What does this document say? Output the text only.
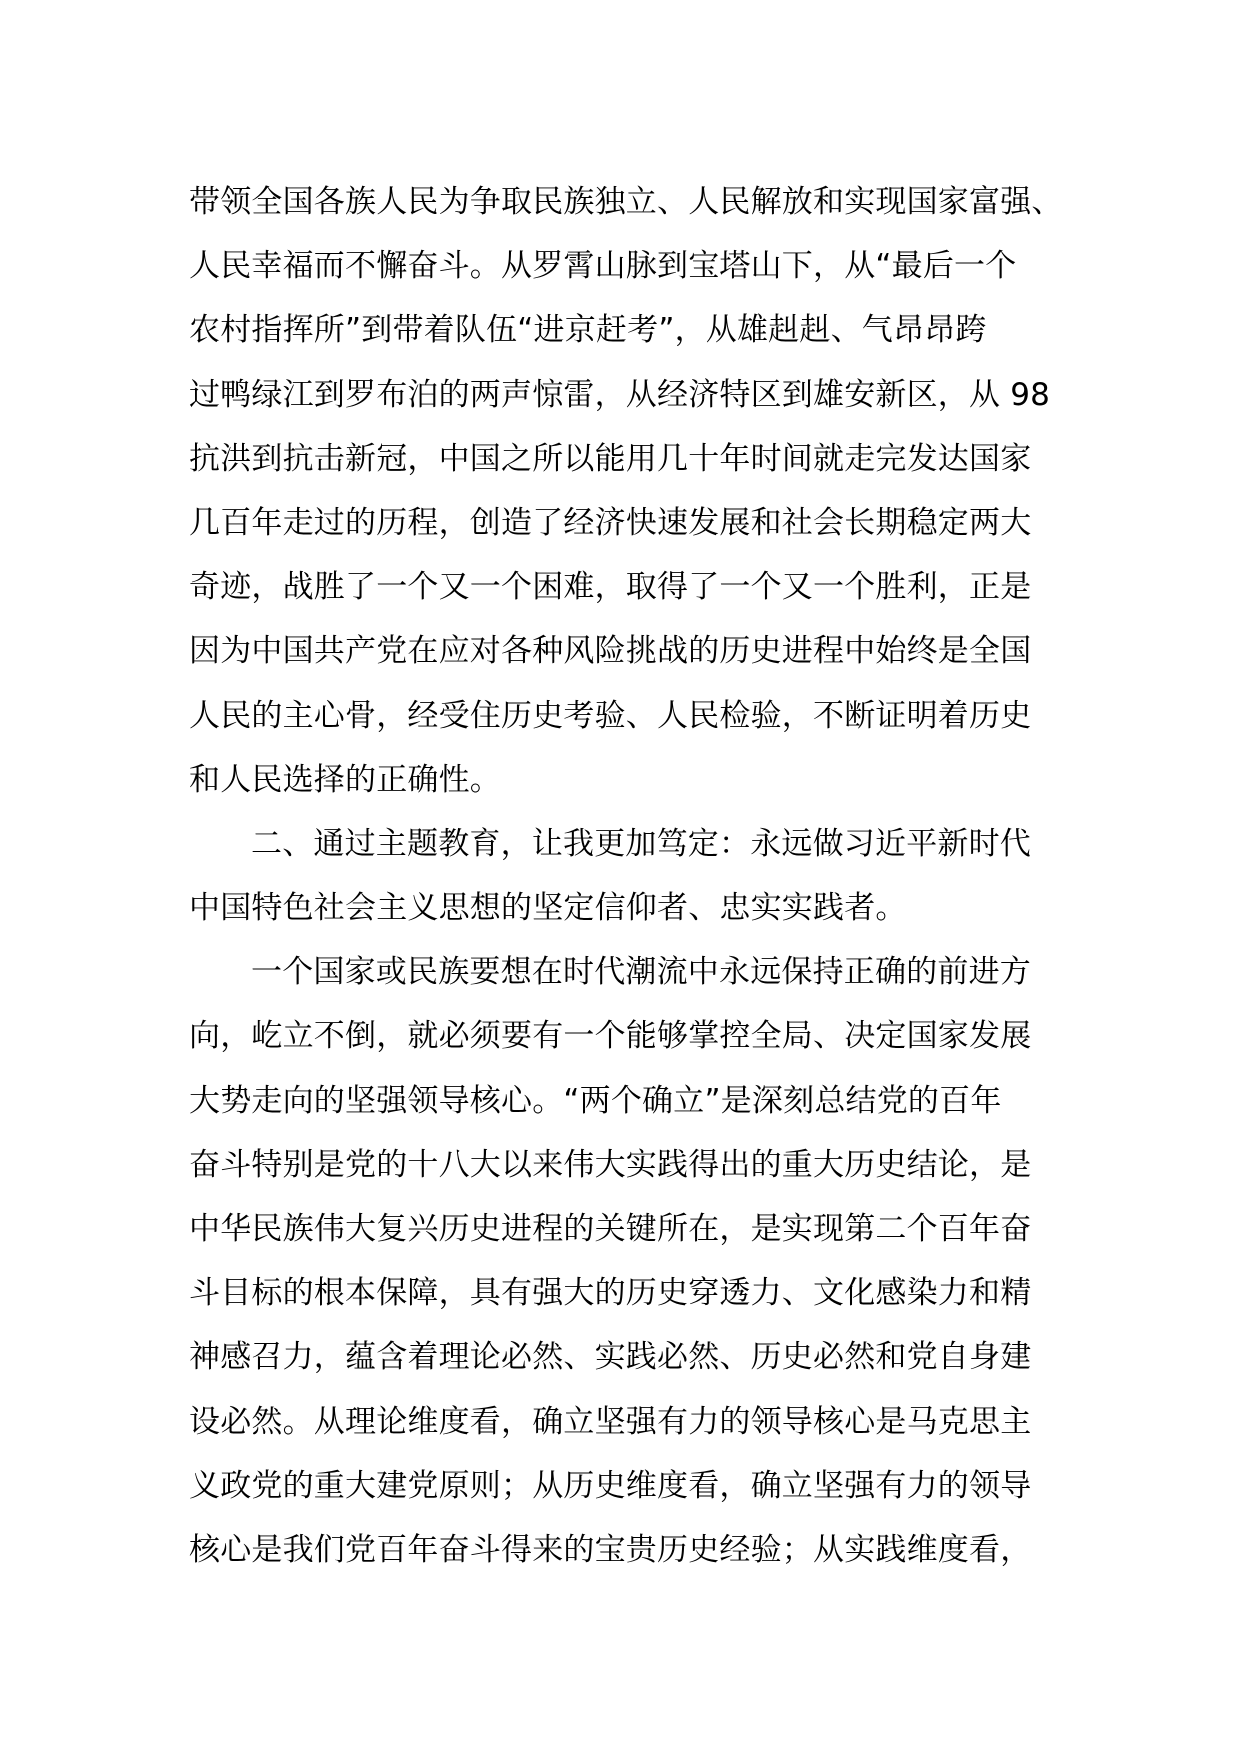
带领全国各族人民为争取民族独立、人民解放和实现国家富强、
人民幸福而不懈奋斗。从罗霄山脉到宝塔山下，从“最后一个
农村指挥所”到带着队伍“进京赶考”，从雄赳赳、气昂昂跨
过鸭绿江到罗布泊的两声惊雷，从经济特区到雄安新区，从 98
抗洪到抗击新冠，中国之所以能用几十年时间就走完发达国家
几百年走过的历程，创造了经济快速发展和社会长期稳定两大
奇迹，战胜了一个又一个困难，取得了一个又一个胜利，正是
因为中国共产党在应对各种风险挑战的历史进程中始终是全国
人民的主心骨，经受住历史考验、人民检验，不断证明着历史
和人民选择的正确性。
二、通过主题教育，让我更加笃定：永远做习近平新时代
中国特色社会主义思想的坚定信仰者、忠实实践者。
一个国家或民族要想在时代潮流中永远保持正确的前进方
向，屹立不倒，就必须要有一个能够掌控全局、决定国家发展
大势走向的坚强领导核心。“两个确立”是深刻总结党的百年
奋斗特别是党的十八大以来伟大实践得出的重大历史结论，是
中华民族伟大复兴历史进程的关键所在，是实现第二个百年奋
斗目标的根本保障，具有强大的历史穿透力、文化感染力和精
神感召力，蕴含着理论必然、实践必然、历史必然和党自身建
设必然。从理论维度看，确立坚强有力的领导核心是马克思主
义政党的重大建党原则；从历史维度看，确立坚强有力的领导
核心是我们党百年奋斗得来的宝贵历史经验；从实践维度看，
